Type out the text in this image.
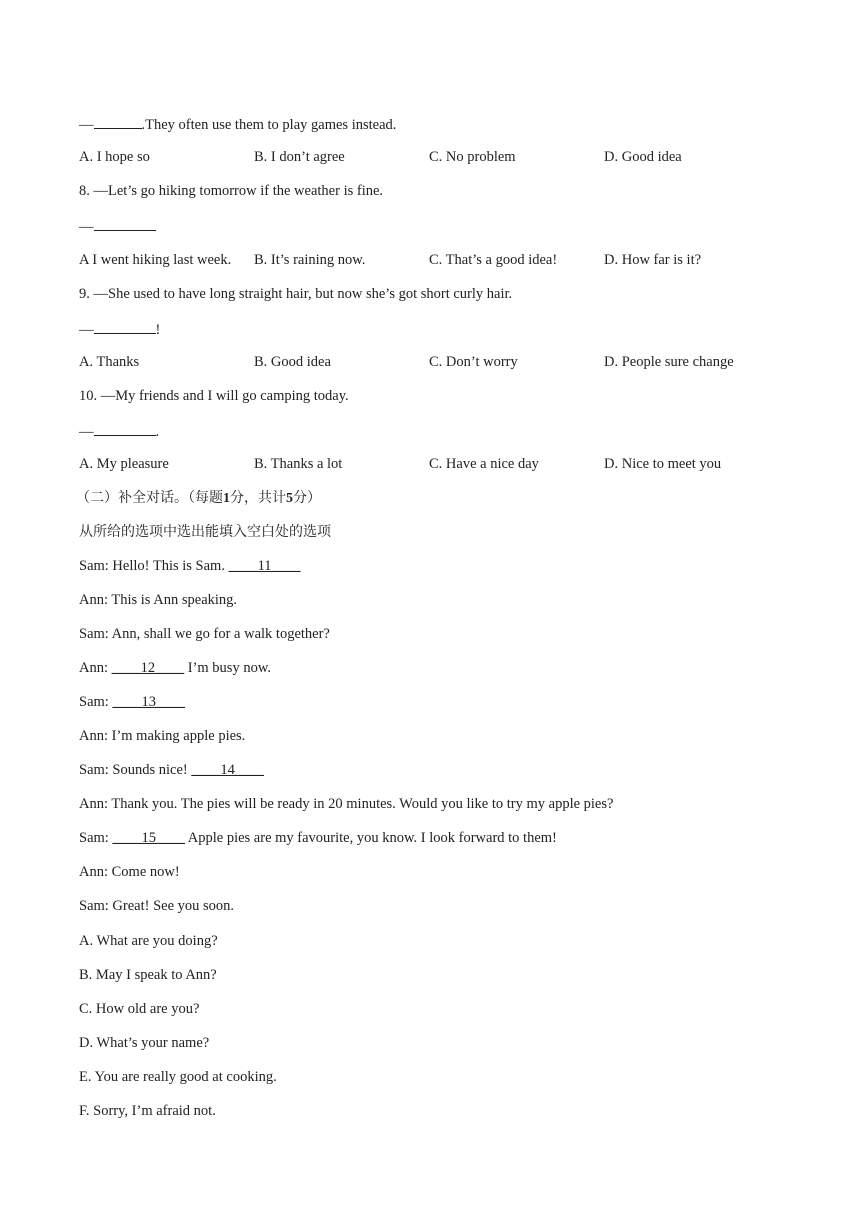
—	.They often use them to play games instead.
A. I hope so	B. I don’t agree	C. No problem	D. Good idea
8. —Let’s go hiking tomorrow if the weather is fine.
—
A I went hiking last week.	B. It’s raining now.	C. That’s a good idea!	D. How far is it?
9. —She used to have long straight hair, but now she’s got short curly hair.
—	!
A. Thanks	B. Good idea	C. Don’t worry	D. People sure change
10. —My friends and I will go camping today.
—	.
A. My pleasure	B. Thanks a lot	C. Have a nice day	D. Nice to meet you
（二）补全对话。（每题1分，共计5分）
从所给的选项中选出能填入空白处的选项
Sam: Hello! This is Sam. ____11____
Ann: This is Ann speaking.
Sam: Ann, shall we go for a walk together?
Ann: ____12____ I’m busy now.
Sam: ____13____
Ann: I’m making apple pies.
Sam: Sounds nice! ____14____
Ann: Thank you. The pies will be ready in 20 minutes. Would you like to try my apple pies?
Sam: ____15____ Apple pies are my favourite, you know. I look forward to them!
Ann: Come now!
Sam: Great! See you soon.
A. What are you doing?
B. May I speak to Ann?
C. How old are you?
D. What’s your name?
E. You are really good at cooking.
F. Sorry, I’m afraid not.
